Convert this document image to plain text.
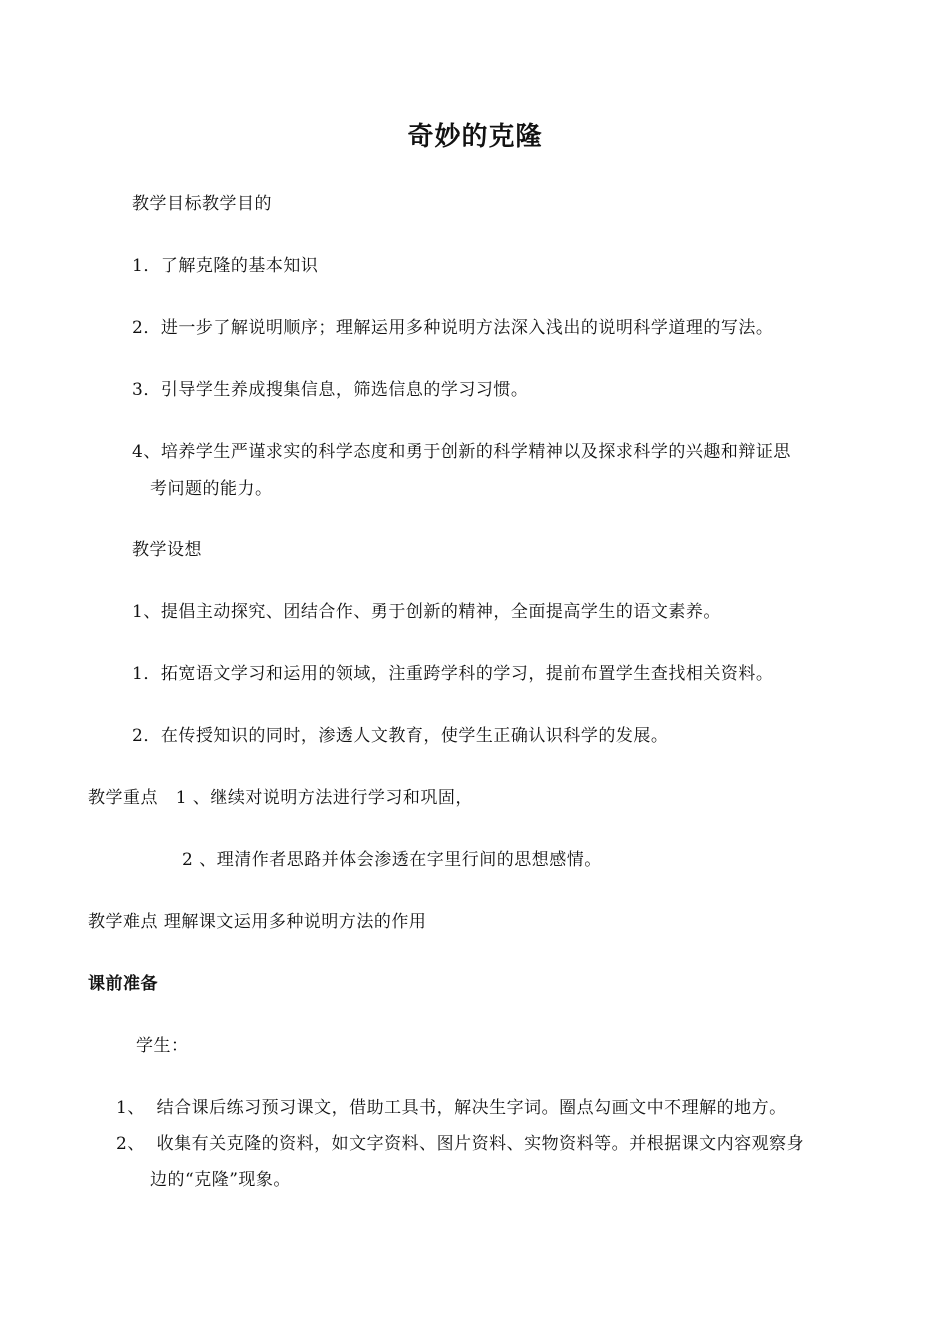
奇妙的克隆
教学目标教学目的
1．了解克隆的基本知识
2．进一步了解说明顺序；理解运用多种说明方法深入浅出的说明科学道理的写法。
3．引导学生养成搜集信息，筛选信息的学习习惯。
4、培养学生严谨求实的科学态度和勇于创新的科学精神以及探求科学的兴趣和辩证思
考问题的能力。
教学设想
1、提倡主动探究、团结合作、勇于创新的精神，全面提高学生的语文素养。
1．拓宽语文学习和运用的领域，注重跨学科的学习，提前布置学生查找相关资料。
2．在传授知识的同时，渗透人文教育，使学生正确认识科学的发展。
教学重点   1 、继续对说明方法进行学习和巩固，
2 、理清作者思路并体会渗透在字里行间的思想感情。
教学难点 理解课文运用多种说明方法的作用
课前准备
学生：
1、  结合课后练习预习课文，借助工具书，解决生字词。圈点勾画文中不理解的地方。
2、  收集有关克隆的资料，如文字资料、图片资料、实物资料等。并根据课文内容观察身
边的“克隆”现象。
